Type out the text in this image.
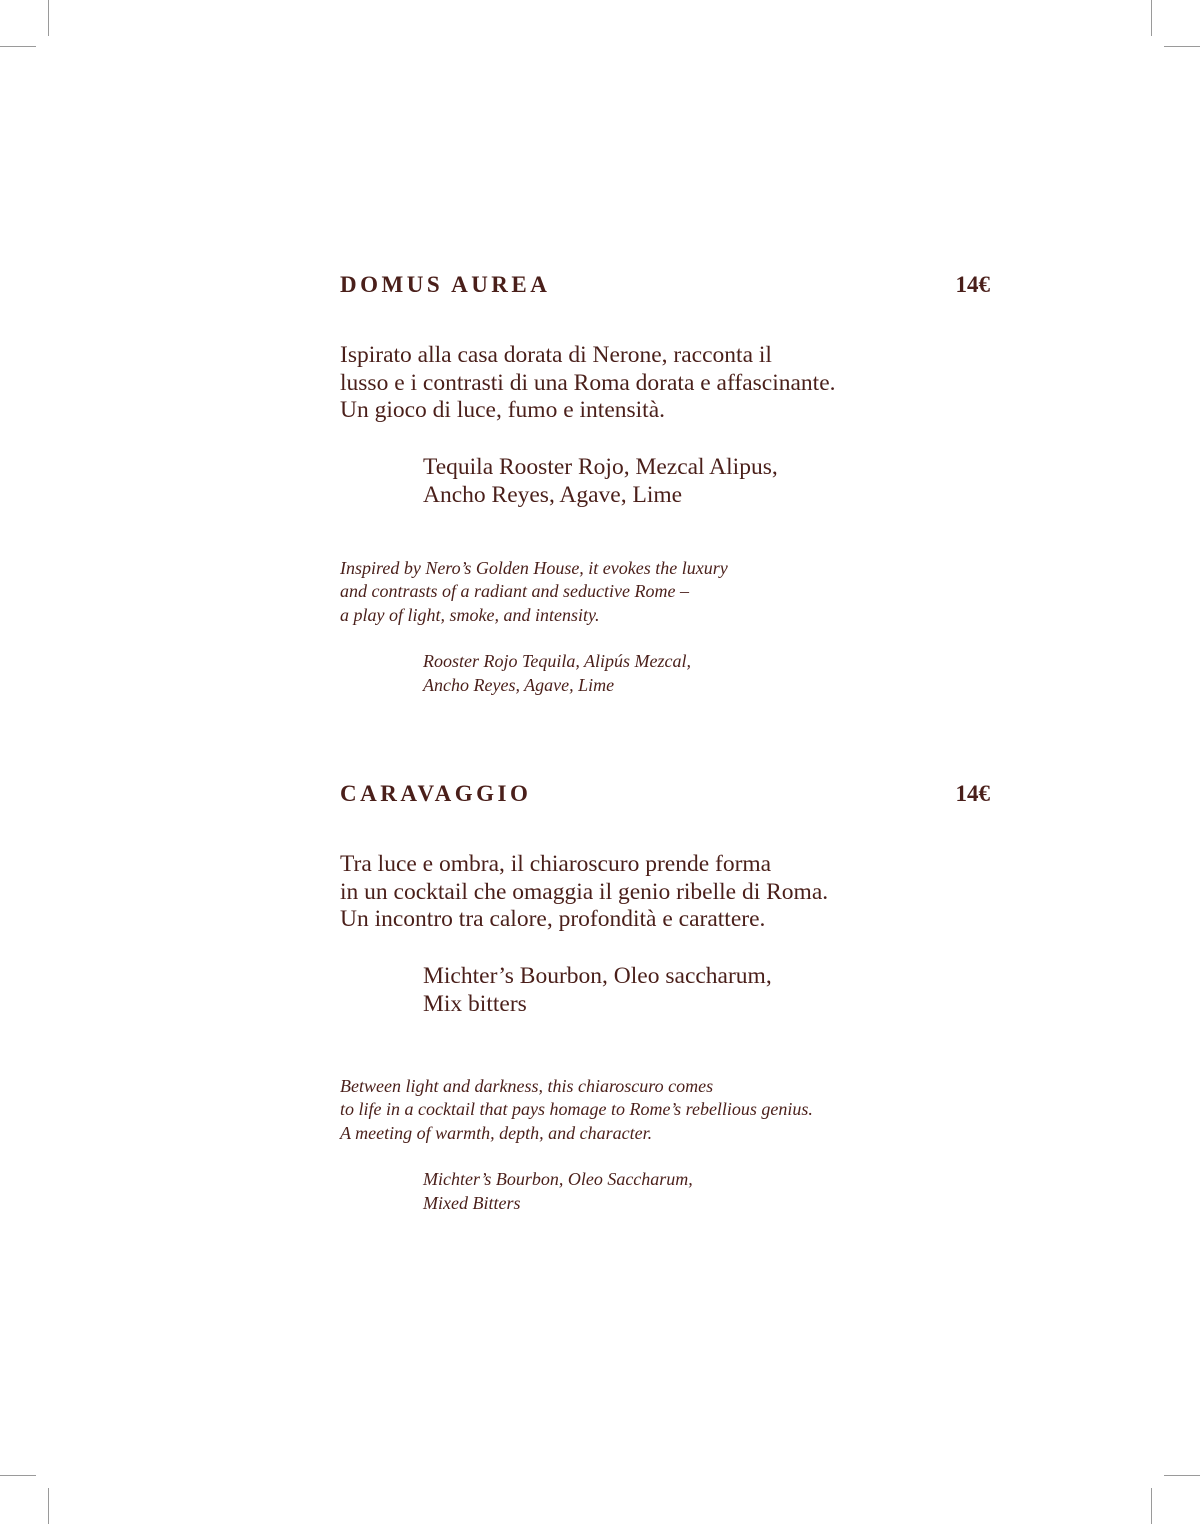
DOMUS AUREA	14€
Ispirato alla casa dorata di Nerone, racconta il
lusso e i contrasti di una Roma dorata e affascinante.
Un gioco di luce, fumo e intensità.
Tequila Rooster Rojo, Mezcal Alipus,
Ancho Reyes, Agave, Lime
Inspired by Nero’s Golden House, it evokes the luxury
and contrasts of a radiant and seductive Rome –
a play of light, smoke, and intensity.
Rooster Rojo Tequila, Alipús Mezcal,
Ancho Reyes, Agave, Lime
CARAVAGGIO	14€
Tra luce e ombra, il chiaroscuro prende forma
in un cocktail che omaggia il genio ribelle di Roma.
Un incontro tra calore, profondità e carattere.
Michter’s Bourbon, Oleo saccharum,
Mix bitters
Between light and darkness, this chiaroscuro comes
to life in a cocktail that pays homage to Rome’s rebellious genius.
A meeting of warmth, depth, and character.
Michter’s Bourbon, Oleo Saccharum,
Mixed Bitters
